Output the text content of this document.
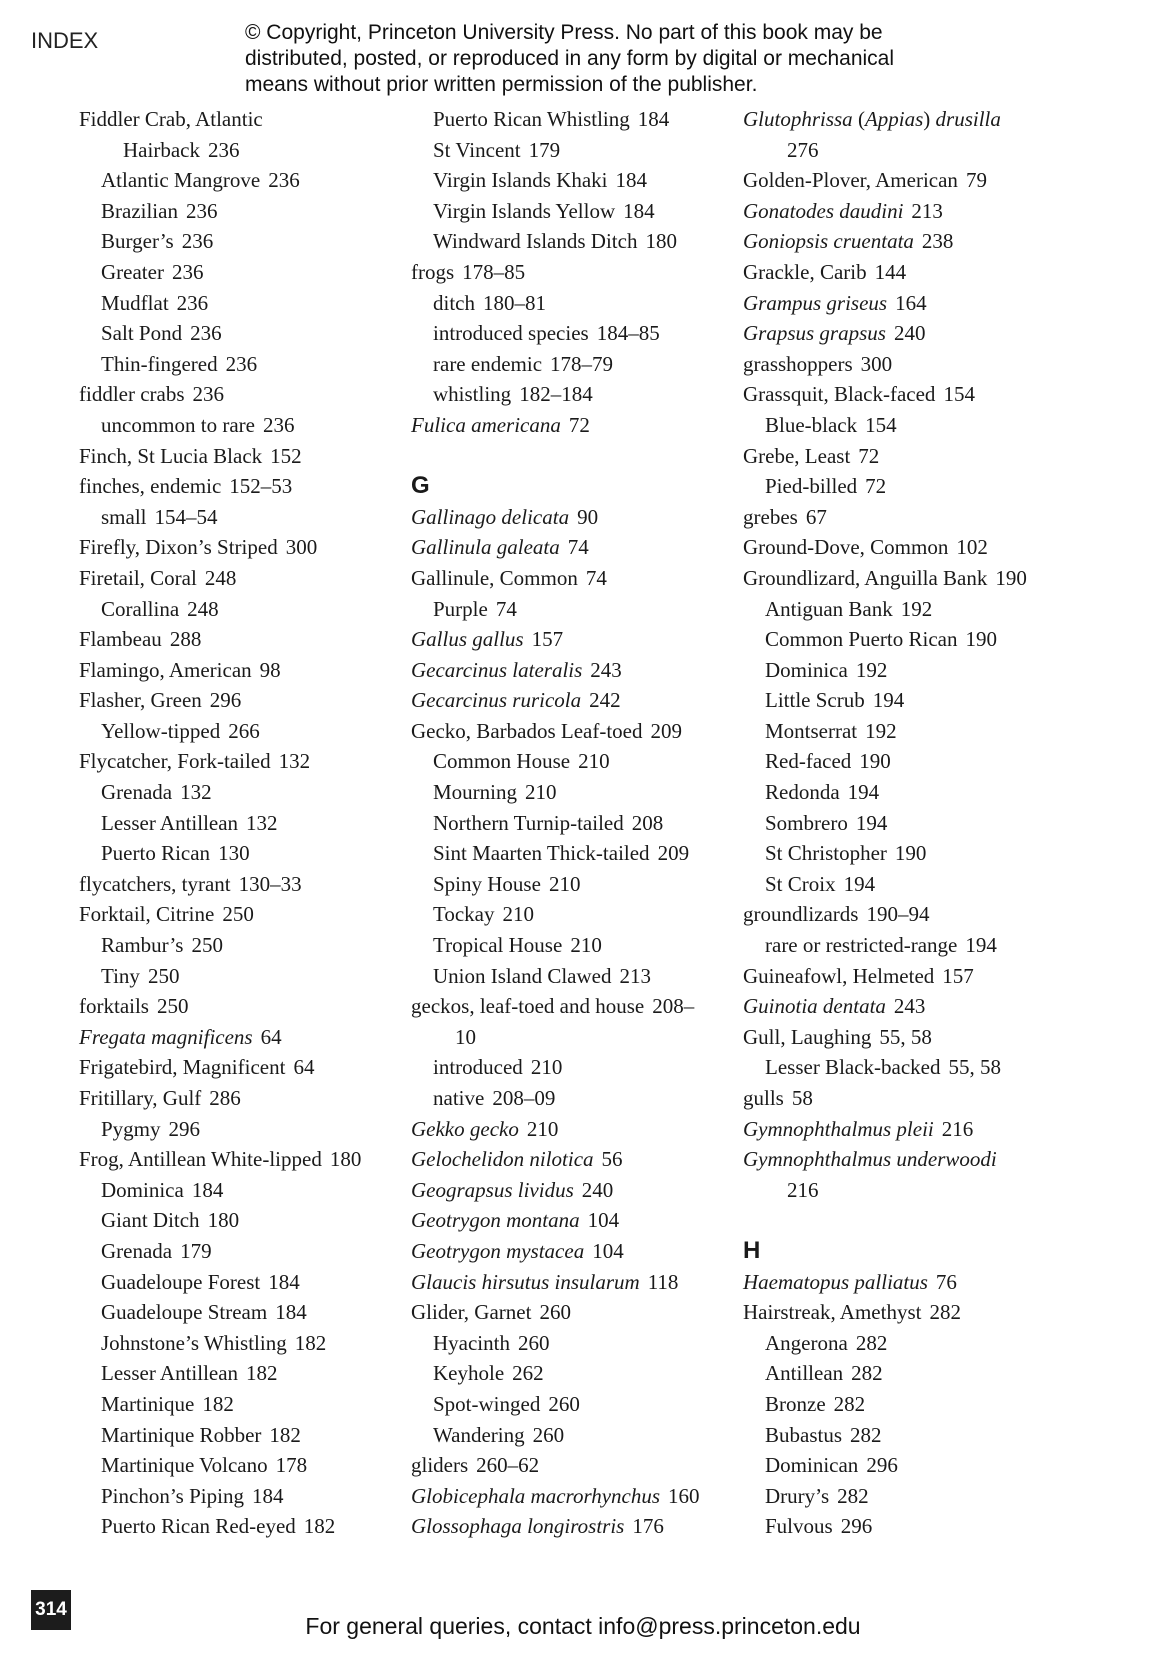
INDEX	© Copyright, Princeton University Press. No part of this book may be
distributed, posted, or reproduced in any form by digital or mechanical
means without prior written permission of the publisher.
Fiddler Crab, Atlantic
Hairback 236
Atlantic Mangrove 236
Brazilian 236
Burger’s 236
Greater 236
Mudflat 236
Salt Pond 236
Thin-fingered 236
fiddler crabs 236
uncommon to rare 236
Finch, St Lucia Black 152
finches, endemic 152–53
small 154–54
Firefly, Dixon’s Striped 300
Firetail, Coral 248
Corallina 248
Flambeau 288
Flamingo, American 98
Flasher, Green 296
Yellow-tipped 266
Flycatcher, Fork-tailed 132
Grenada 132
Lesser Antillean 132
Puerto Rican 130
flycatchers, tyrant 130–33
Forktail, Citrine 250
Rambur’s 250
Tiny 250
forktails 250
Fregata magnificens 64
Frigatebird, Magnificent 64
Fritillary, Gulf 286
Pygmy 296
Frog, Antillean White-lipped 180
Dominica 184
Giant Ditch 180
Grenada 179
Guadeloupe Forest 184
Guadeloupe Stream 184
Johnstone’s Whistling 182
Lesser Antillean 182
Martinique 182
Martinique Robber 182
Martinique Volcano 178
Pinchon’s Piping 184
Puerto Rican Red-eyed 182
Puerto Rican Whistling 184
St Vincent 179
Virgin Islands Khaki 184
Virgin Islands Yellow 184
Windward Islands Ditch 180
frogs 178–85
ditch 180–81
introduced species 184–85
rare endemic 178–79
whistling 182–184
Fulica americana 72
G
Gallinago delicata 90
Gallinula galeata 74
Gallinule, Common 74
Purple 74
Gallus gallus 157
Gecarcinus lateralis 243
Gecarcinus ruricola 242
Gecko, Barbados Leaf-toed 209
Common House 210
Mourning 210
Northern Turnip-tailed 208
Sint Maarten Thick-tailed 209
Spiny House 210
Tockay 210
Tropical House 210
Union Island Clawed 213
geckos, leaf-toed and house 208–
10
introduced 210
native 208–09
Gekko gecko 210
Gelochelidon nilotica 56
Geograpsus lividus 240
Geotrygon montana 104
Geotrygon mystacea 104
Glaucis hirsutus insularum 118
Glider, Garnet 260
Hyacinth 260
Keyhole 262
Spot-winged 260
Wandering 260
gliders 260–62
Globicephala macrorhynchus 160
Glossophaga longirostris 176
Glutophrissa (Appias) drusilla
276
Golden-Plover, American 79
Gonatodes daudini 213
Goniopsis cruentata 238
Grackle, Carib 144
Grampus griseus 164
Grapsus grapsus 240
grasshoppers 300
Grassquit, Black-faced 154
Blue-black 154
Grebe, Least 72
Pied-billed 72
grebes 67
Ground-Dove, Common 102
Groundlizard, Anguilla Bank 190
Antiguan Bank 192
Common Puerto Rican 190
Dominica 192
Little Scrub 194
Montserrat 192
Red-faced 190
Redonda 194
Sombrero 194
St Christopher 190
St Croix 194
groundlizards 190–94
rare or restricted-range 194
Guineafowl, Helmeted 157
Guinotia dentata 243
Gull, Laughing 55, 58
Lesser Black-backed 55, 58
gulls 58
Gymnophthalmus pleii 216
Gymnophthalmus underwoodi
216
H
Haematopus palliatus 76
Hairstreak, Amethyst 282
Angerona 282
Antillean 282
Bronze 282
Bubastus 282
Dominican 296
Drury’s 282
Fulvous 296
314
For general queries, contact info@press.princeton.edu
